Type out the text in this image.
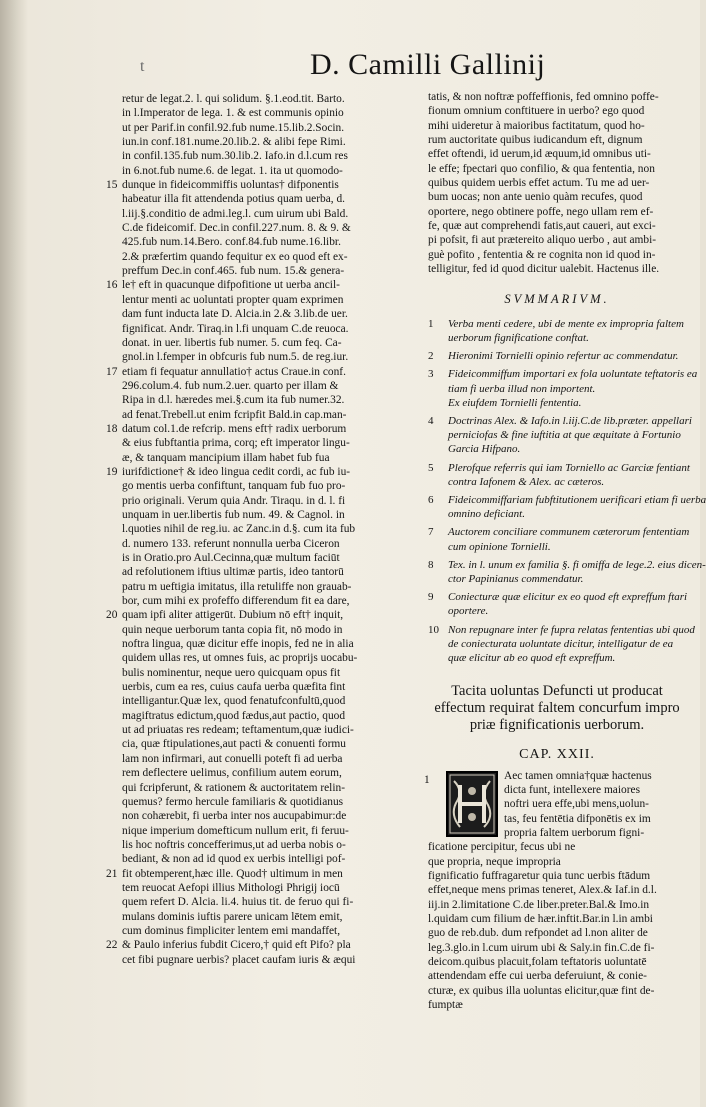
t	D. Camilli Gallinij
retur de legat.2. l. qui solidum. §.1.eod.tit. Barto.
in l.Imperator de lega. 1. & est communis opinio
ut per Parif.in confil.92.fub nume.15.lib.2.Socin.
iun.in conf.181.nume.20.lib.2. & alibi fepe Rimi.
in confil.135.fub num.30.lib.2. Iafo.in d.l.cum res
in 6.not.fub nume.6. de legat. 1. ita ut quomodo-
15 dunque in fideicommiffis uoluntas† difponentis
habeatur illa fit attendenda potius quam uerba, d.
l.iij.§.conditio de admi.leg.l. cum uirum ubi Bald.
C.de fideicomif. Dec.in confil.227.num. 8. & 9. &
425.fub num.14.Bero. conf.84.fub nume.16.libr.
2.& præfertim quando fequitur ex eo quod eft ex-
preffum Dec.in conf.465. fub num. 15.& genera-
16 le† eft in quacunque difpofitione ut uerba ancil-
lentur menti ac uoluntati propter quam exprimen
dam funt inducta late D. Alcia.in 2.& 3.lib.de uer.
fignificat. Andr. Tiraq.in l.fi unquam C.de reuoca.
donat. in uer. libertis fub numer. 5. cum feq. Ca-
gnol.in l.femper in obfcuris fub num.5. de reg.iur.
17 etiam fi fequatur annullatio† actus Craue.in conf.
296.colum.4. fub num.2.uer. quarto per illam &
Ripa in d.l. hæredes mei.§.cum ita fub numer.32.
ad fenat.Trebell.ut enim fcripfit Bald.in cap.man-
18 datum col.1.de refcrip. mens eft† radix uerborum
& eius fubftantia prima, corq; eft imperator lingu-
æ, & tanquam mancipium illam habet fub fua
19 iurifdictione† & ideo lingua cedit cordi, ac fub iu-
go mentis uerba confiftunt, tanquam fub fuo pro-
prio originali. Verum quia Andr. Tiraqu. in d. l. fi
unquam in uer.libertis fub num. 49. & Cagnol. in
l.quoties nihil de reg.iu. ac Zanc.in d.§. cum ita fub
d. numero 133. referunt nonnulla uerba Ciceron
is in Oratio.pro Aul.Cecinna,quæ multum faciūt
ad refolutionem iftius ultimæ partis, ideo tantorū
patru m ueftigia imitatus, illa retuliffe non grauab-
bor, cum mihi ex profeffo differendum fit ea dare,
20 quam ipfi aliter attigerūt. Dubium nō eft† inquit,
quin neque uerborum tanta copia fit, nō modo in
noftra lingua, quæ dicitur effe inopis, fed ne in alia
quidem ullas res, ut omnes fuis, ac proprijs uocabu-
bulis nominentur, neque uero quicquam opus fit
uerbis, cum ea res, cuius caufa uerba quæfita fint
intelligantur.Quæ lex, quod fenatufconfultū,quod
magiftratus edictum,quod fædus,aut pactio, quod
ut ad priuatas res redeam; teftamentum,quæ iudici-
cia, quæ ftipulationes,aut pacti & conuenti formu
lam non infirmari, aut conuelli poteft fi ad uerba
rem deflectere uelimus, confilium autem eorum,
qui fcripferunt, & rationem & auctoritatem relin-
quemus? fermo hercule familiaris & quotidianus
non cohærebit, fi uerba inter nos aucupabimur:de
nique imperium domefticum nullum erit, fi feruu-
lis hoc noftris concefferimus,ut ad uerba nobis o-
bediant, & non ad id quod ex uerbis intelligi pof-
21 fit obtemperent,hæc ille. Quod† ultimum in men
tem reuocat Aefopi illius Mithologi Phrigij iocū
quem refert D. Alcia. li.4. huius tit. de feruo qui fi-
mulans dominis iuftis parere unicam lētem emit,
cum dominus fimpliciter lentem emi mandaffet,
22 & Paulo inferius fubdit Cicero,† quid eft Pifo? pla
cet fibi pugnare uerbis? placet caufam iuris & æqui
tatis, & non noftræ poffeffionis, fed omnino poffe-
fionum omnium conftituere in uerbo? ego quod
mihi uideretur à maioribus factitatum, quod ho-
rum auctoritate quibus iudicandum eft, dignum
effet oftendi, id uerum,id æquum,id omnibus uti-
le effe; fpectari quo confilio, & qua fententia, non
quibus quidem uerbis effet actum. Tu me ad uer-
bum uocas; non ante uenio quàm recufes, quod
oportere, nego obtinere poffe, nego ullam rem ef-
fe, quæ aut comprehendi fatis,aut caueri, aut exci-
pi pofsit, fi aut prætereito aliquo uerbo , aut ambi-
guè pofito , fententia & re cognita non id quod in-
telligitur, fed id quod dicitur ualebit. Hactenus ille.
SVMMARIVM.
1	Verba menti cedere, ubi de mente ex impropria faltem
uerborum fignificatione conftat.
2	Hieronimi Tornielli opinio refertur ac commendatur.
3	Fideicommiffum importari ex fola uoluntate teftatoris ea
tiam fi uerba illud non importent.
Ex eiufdem Tornielli fententia.
4	Doctrinas Alex. & Iafo.in l.iij.C.de lib.præter. appellari
perniciofas & fine iuftitia at que æquitate à Fortunio
Garcia Hifpano.
5	Plerofque referris qui iam Torniello ac Garciæ fentiant
contra Iafonem & Alex. ac cæteros.
6	Fideicommiffariam fubftitutionem uerificari etiam fi uerba
omnino deficiant.
7	Auctorem conciliare communem cæterorum fententiam
cum opinione Tornielli.
8	Tex. in l. unum ex familia §. fi omiffa de lege.2. eius dicen-
ctor Papinianus commendatur.
9	Coniecturæ quæ elicitur ex eo quod eft expreffum ftari
oportere.
10 Non repugnare inter fe fupra relatas fententias ubi quod
de coniecturata uoluntate dicitur, intelligatur de ea
quæ elicitur ab eo quod eft expreffum.
Tacita uoluntas Defuncti ut producat
effectum requirat faltem concurfum impro
priæ fignificationis uerborum.
CAP. XXII.
1	Aec tamen omnia†quæ hactenus
dicta funt, intellexere maiores
noftri uera effe,ubi mens,uolun-
tas, feu fentētia difponētis ex im
propria faltem uerborum figni-
ficatione percipitur, fecus ubi ne
que propria, neque impropria
fignificatio fuffragaretur quia tunc uerbis ftādum
effet,neque mens primas teneret, Alex.& Iaf.in d.l.
iij.in 2.limitatione C.de liber.preter.Bal.& Imo.in
l.quidam cum filium de hær.inftit.Bar.in l.in ambi
guo de reb.dub. dum refpondet ad l.non aliter de
leg.3.glo.in l.cum uirum ubi & Saly.in fin.C.de fi-
deicom.quibus placuit,folam teftatoris uoluntatē
attendendam effe cui uerba deferuiunt, & conie-
cturæ, ex quibus illa uoluntas elicitur,quæ fint de-
fumptæ
